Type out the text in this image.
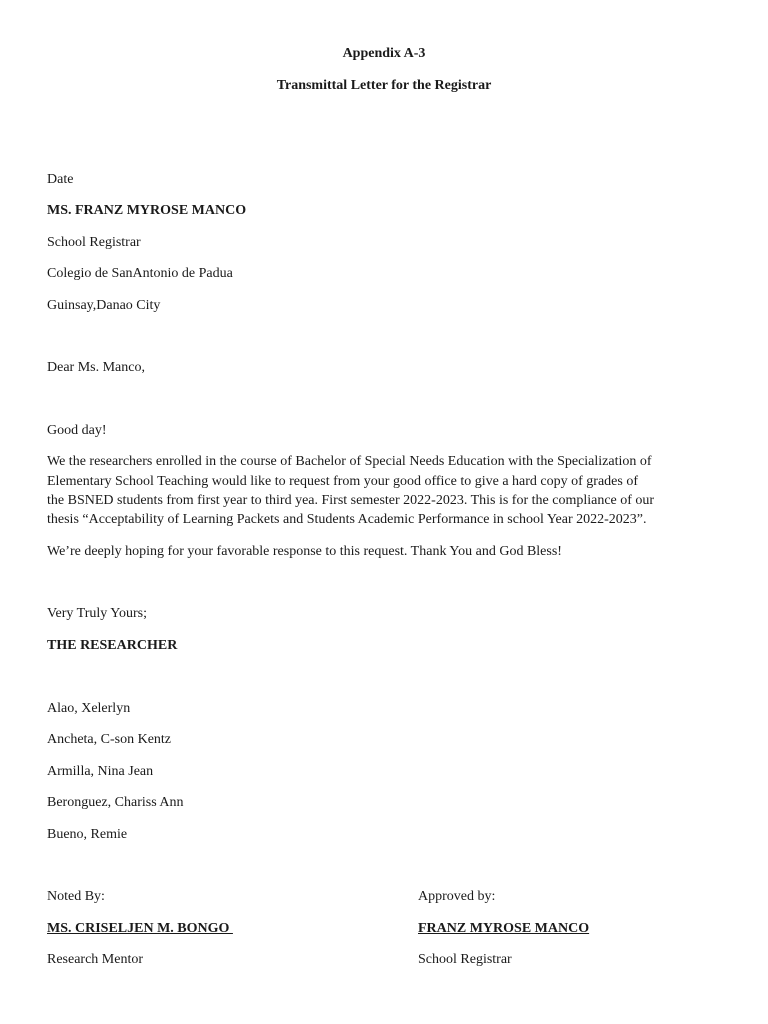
Appendix A-3
Transmittal Letter for the Registrar
Date
MS. FRANZ MYROSE MANCO
School Registrar
Colegio de SanAntonio de Padua
Guinsay,Danao City
Dear Ms. Manco,
Good day!
We the researchers enrolled in the course of Bachelor of Special Needs Education with the Specialization of
Elementary School Teaching would like to request from your good office to give a hard copy of grades of
the BSNED students from first year to third yea. First semester 2022-2023. This is for the compliance of our
thesis “Acceptability of Learning Packets and Students Academic Performance in school Year 2022-2023”.
We’re deeply hoping for your favorable response to this request. Thank You and God Bless!
Very Truly Yours;
THE RESEARCHER
Alao, Xelerlyn
Ancheta, C-son Kentz
Armilla, Nina Jean
Beronguez, Chariss Ann
Bueno, Remie
Noted By:
MS. CRISELJEN M. BONGO
Research Mentor
Approved by:
FRANZ MYROSE MANCO
School Registrar
